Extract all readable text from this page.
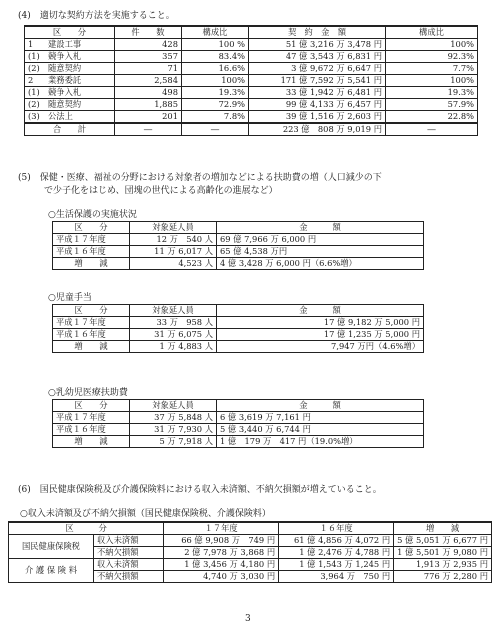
(4)　適切な契約方法を実施すること。
区　　分		件　　数	構成比	契　約　金　額	構成比
1	建設工事	428	100 %	51 億 3,216 万 3,478 円	100%
(1)	競争入札	357	83.4%	47 億 3,543 万 6,831 円	92.3%
(2)	随意契約	71	16.6%	3 億 9,672 万 6,647 円	7.7%
2	業務委託	2,584	100%	171 億 7,592 万 5,541 円	100%
(1)	競争入札	498	19.3%	33 億 1,942 万 6,481 円	19.3%
(2)	随意契約	1,885	72.9%	99 億 4,133 万 6,457 円	57.9%
(3)	公法上	201	7.8%	39 億 1,516 万 2,603 円	22.8%
合　　計		―	―	223 億　808 万 9,019 円	―
(5)　保健・医療、福祉の分野における対象者の増加などによる扶助費の増（人口減少の下
で少子化をはじめ、団塊の世代による高齢化の進展など）
○生活保護の実施状況
区　　分	対象延人員	金　　　額
平成１７年度	12 万　540 人	69 億 7,966 万 6,000 円
平成１６年度	11 万 6,017 人	65 億 4,538 万円
増　　減	4,523 人	4 億 3,428 万 6,000 円（6.6%増）
○児童手当
区　　分	対象延人員	金　　　額
平成１７年度	33 万　958 人	17 億 9,182 万 5,000 円
平成１６年度	31 万 6,075 人	17 億 1,235 万 5,000 円
増　　減	1 万 4,883 人	7,947 万円（4.6%増）
○乳幼児医療扶助費
区　　分	対象延人員	金　　　額
平成１７年度	37 万 5,848 人	6 億 3,619 万 7,161 円
平成１６年度	31 万 7,930 人	5 億 3,440 万 6,744 円
増　　減	5 万 7,918 人	1 億　179 万　417 円（19.0%増）
(6)　国民健康保険税及び介護保険料における収入未済額、不納欠損額が増えていること。
○収入未済額及び不納欠損額（国民健康保険税、介護保険料）
区　　　分		１７年度	１６年度	増　　減
国民健康保険税	収入未済額	66 億 9,908 万　749 円	61 億 4,856 万 4,072 円	5 億 5,051 万 6,677 円
	不納欠損額	2 億 7,978 万 3,868 円	1 億 2,476 万 4,788 円	1 億 5,501 万 9,080 円
介 護 保 険 料	収入未済額	1 億 3,456 万 4,180 円	1 億 1,543 万 1,245 円	1,913 万 2,935 円
	不納欠損額	4,740 万 3,030 円	3,964 万　750 円	776 万 2,280 円
3
